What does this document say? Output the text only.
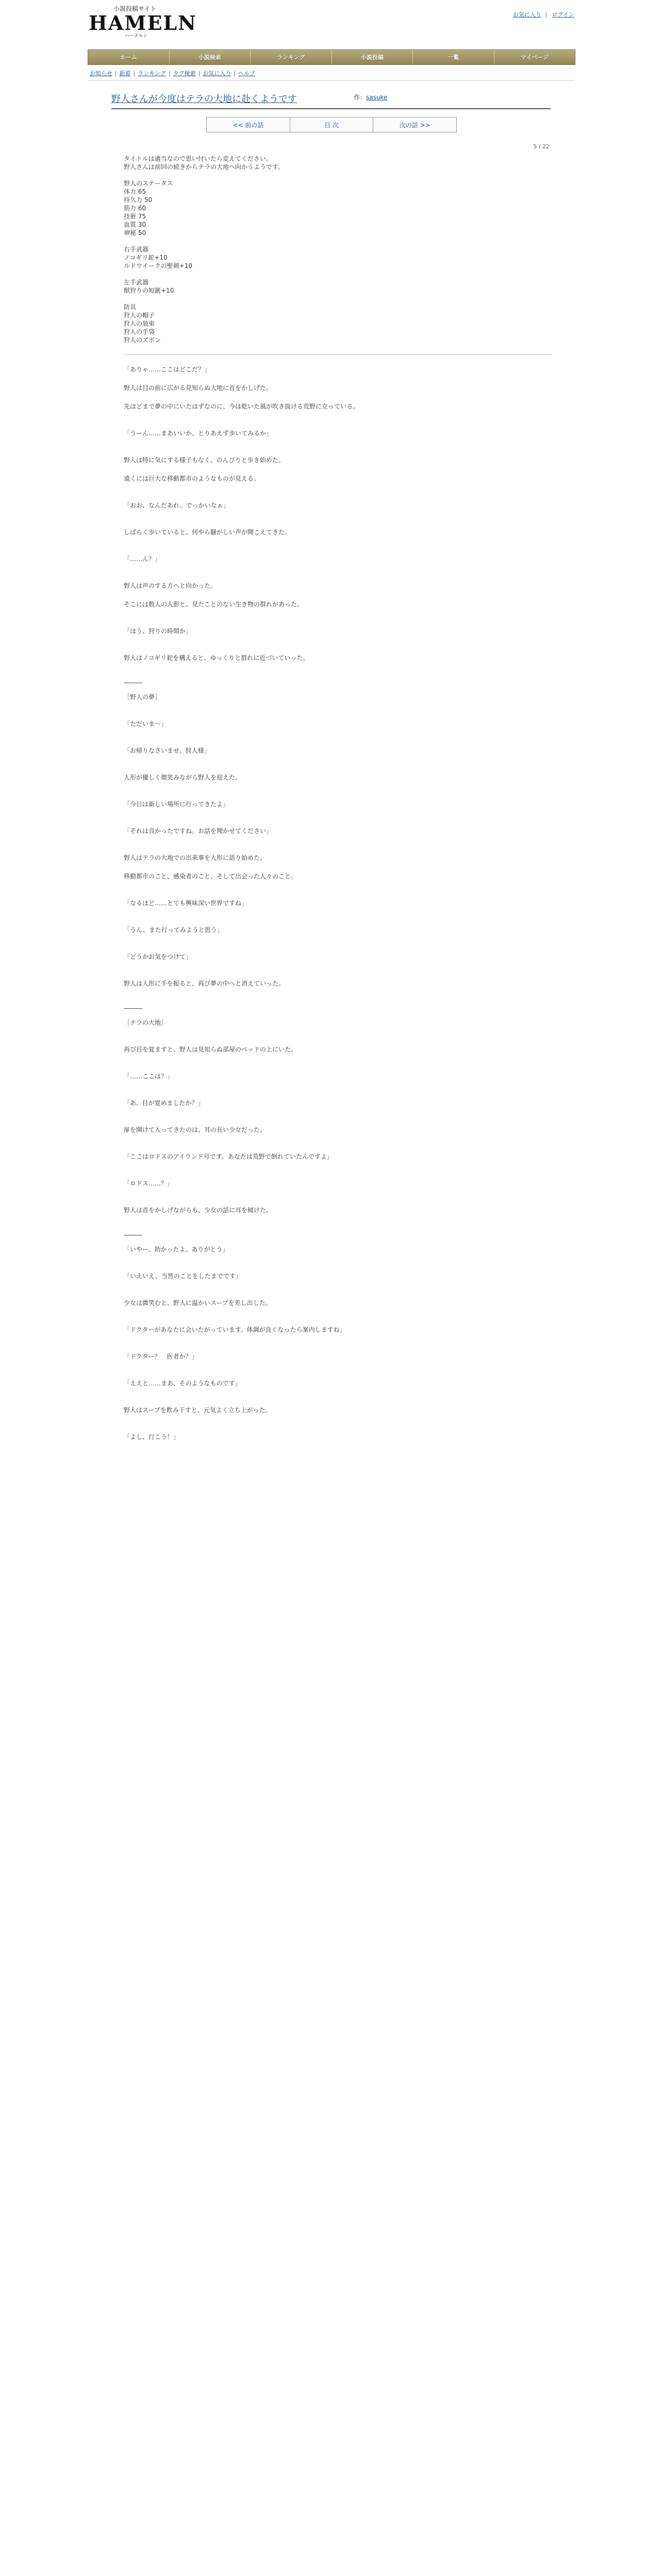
小説投稿サイト
HAMELN
ハーメルン
お気に入り | ログイン
ホーム	小説検索	ランキング	小説投稿	一覧	マイページ
お知らせ | 新着 | ランキング | タグ検索 | お気に入り | ヘルプ
野人さんが今度はテラの大地に赴くようです	作：sasuke
<< 前の話	目 次	次の話 >>
5 / 22

タイトルは適当なので思い付いたら変えてください。

野人さんは前回の続きからテラの大地へ向かうようです。

野人のステータス

体力 65

持久力 50

筋力 60

技術 75

血質 30

神秘 50

右手武器

ノコギリ鉈+10

ルドウイークの聖剣+10

左手武器

獣狩りの短銃+10

防具

狩人の帽子

狩人の装束

狩人の手袋

狩人のズボン

「ありゃ……ここはどこだ？」

野人は目の前に広がる見知らぬ大地に首をかしげた。

先ほどまで夢の中にいたはずなのに、今は乾いた風が吹き抜ける荒野に立っている。

「うーん……まあいいか。とりあえず歩いてみるか」

野人は特に気にする様子もなく、のんびりと歩き始めた。

遠くには巨大な移動都市のようなものが見える。

「おお、なんだあれ。でっかいなぁ」

しばらく歩いていると、何やら騒がしい声が聞こえてきた。

「……ん？」

野人は声のする方へと向かった。

そこには数人の人影と、見たことのない生き物の群れがあった。

「ほう、狩りの時間か」

野人はノコギリ鉈を構えると、ゆっくりと群れに近づいていった。

―――

［野人の夢］

「ただいま〜」

「お帰りなさいませ、狩人様」

人形が優しく微笑みながら野人を迎えた。

「今日は新しい場所に行ってきたよ」

「それは良かったですね。お話を聞かせてください」

野人はテラの大地での出来事を人形に語り始めた。

移動都市のこと、感染者のこと、そして出会った人々のこと。

「なるほど……とても興味深い世界ですね」

「うん、また行ってみようと思う」

「どうかお気をつけて」

野人は人形に手を振ると、再び夢の中へと消えていった。

―――

［テラの大地］

再び目を覚ますと、野人は見知らぬ部屋のベッドの上にいた。

「……ここは？」

「あ、目が覚めましたか？」

扉を開けて入ってきたのは、耳の長い少女だった。

「ここはロドスのアイランド号です。あなたは荒野で倒れていたんですよ」

「ロドス……？」

野人は首をかしげながらも、少女の話に耳を傾けた。

―――

「いやー、助かったよ。ありがとう」

「いえいえ、当然のことをしたまでです」

少女は微笑むと、野人に温かいスープを差し出した。

「ドクターがあなたに会いたがっています。体調が良くなったら案内しますね」

「ドクター？　医者か？」

「ええと……まあ、そのようなものです」

野人はスープを飲み干すと、元気よく立ち上がった。

「よし、行こう！」
